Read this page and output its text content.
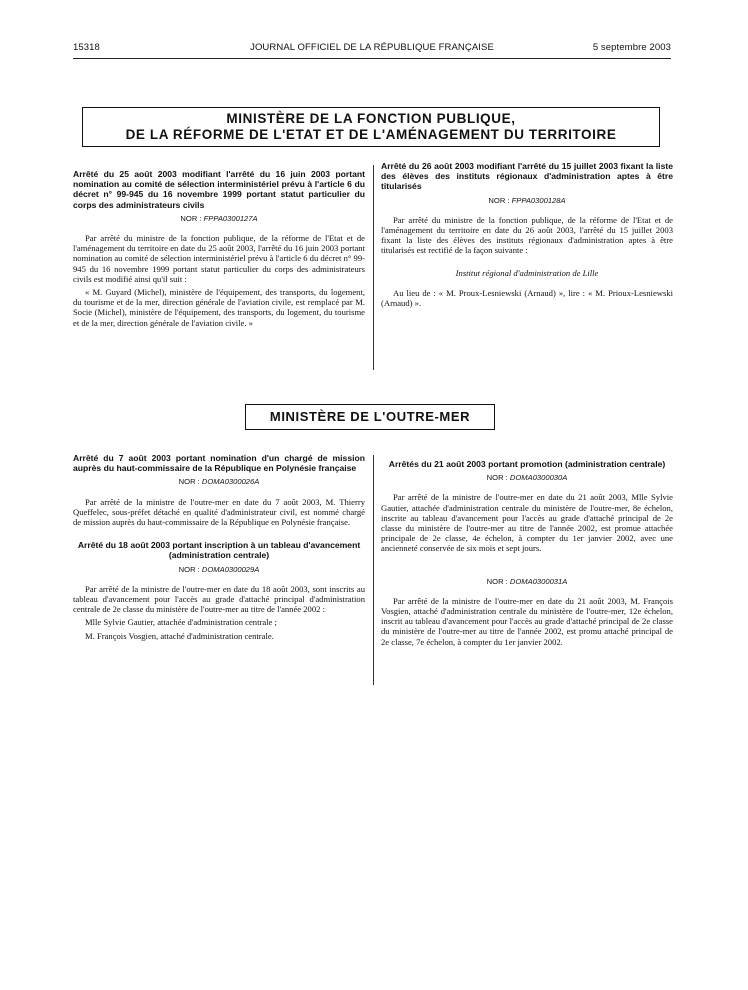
15318	JOURNAL OFFICIEL DE LA RÉPUBLIQUE FRANÇAISE	5 septembre 2003
MINISTÈRE DE LA FONCTION PUBLIQUE,
DE LA RÉFORME DE L'ETAT ET DE L'AMÉNAGEMENT DU TERRITOIRE
Arrêté du 25 août 2003 modifiant l'arrêté du 16 juin 2003 portant nomination au comité de sélection interministériel prévu à l'article 6 du décret n° 99-945 du 16 novembre 1999 portant statut particulier du corps des administrateurs civils
NOR : FPPA0300127A

Par arrêté du ministre de la fonction publique, de la réforme de l'Etat et de l'aménagement du territoire en date du 25 août 2003, l'arrêté du 16 juin 2003 portant nomination au comité de sélection interministériel prévu à l'article 6 du décret n° 99-945 du 16 novembre 1999 portant statut particulier du corps des administrateurs civils est modifié ainsi qu'il suit :

« M. Guyard (Michel), ministère de l'équipement, des transports, du logement, du tourisme et de la mer, direction générale de l'aviation civile, est remplacé par M. Socie (Michel), ministère de l'équipement, des transports, du logement, du tourisme et de la mer, direction générale de l'aviation civile. »

Arrêté du 26 août 2003 modifiant l'arrêté du 15 juillet 2003 fixant la liste des élèves des instituts régionaux d'administration aptes à être titularisés
NOR : FPPA0300128A

Par arrêté du ministre de la fonction publique, de la réforme de l'Etat et de l'aménagement du territoire en date du 26 août 2003, l'arrêté du 15 juillet 2003 fixant la liste des élèves des instituts régionaux d'administration aptes à être titularisés est rectifié de la façon suivante :

Institut régional d'administration de Lille

Au lieu de : « M. Proux-Lesniewski (Arnaud) », lire : « M. Prioux-Lesniewski (Arnaud) ».

MINISTÈRE DE L'OUTRE-MER
Arrêté du 7 août 2003 portant nomination d'un chargé de mission auprès du haut-commissaire de la République en Polynésie française
NOR : DOMA0300026A

Par arrêté de la ministre de l'outre-mer en date du 7 août 2003, M. Thierry Queffelec, sous-préfet détaché en qualité d'administrateur civil, est nommé chargé de mission auprès du haut-commissaire de la République en Polynésie française.

Arrêté du 18 août 2003 portant inscription à un tableau d'avancement (administration centrale)
NOR : DOMA0300029A

Par arrêté de la ministre de l'outre-mer en date du 18 août 2003, sont inscrits au tableau d'avancement pour l'accès au grade d'attaché principal d'administration centrale de 2e classe du ministère de l'outre-mer au titre de l'année 2002 :

Mlle Sylvie Gautier, attachée d'administration centrale ;

M. François Vosgien, attaché d'administration centrale.

Arrêtés du 21 août 2003 portant promotion (administration centrale)
NOR : DOMA0300030A

Par arrêté de la ministre de l'outre-mer en date du 21 août 2003, Mlle Sylvie Gautier, attachée d'administration centrale du ministère de l'outre-mer, 8e échelon, inscrite au tableau d'avancement pour l'accès au grade d'attaché principal de 2e classe du ministère de l'outre-mer au titre de l'année 2002, est promue attachée principale de 2e classe, 4e échelon, à compter du 1er janvier 2002, avec une ancienneté conservée de six mois et sept jours.

NOR : DOMA0300031A

Par arrêté de la ministre de l'outre-mer en date du 21 août 2003, M. François Vosgien, attaché d'administration centrale du ministère de l'outre-mer, 12e échelon, inscrit au tableau d'avancement pour l'accès au grade d'attaché principal de 2e classe du ministère de l'outre-mer au titre de l'année 2002, est promu attaché principal de 2e classe, 7e échelon, à compter du 1er janvier 2002.
